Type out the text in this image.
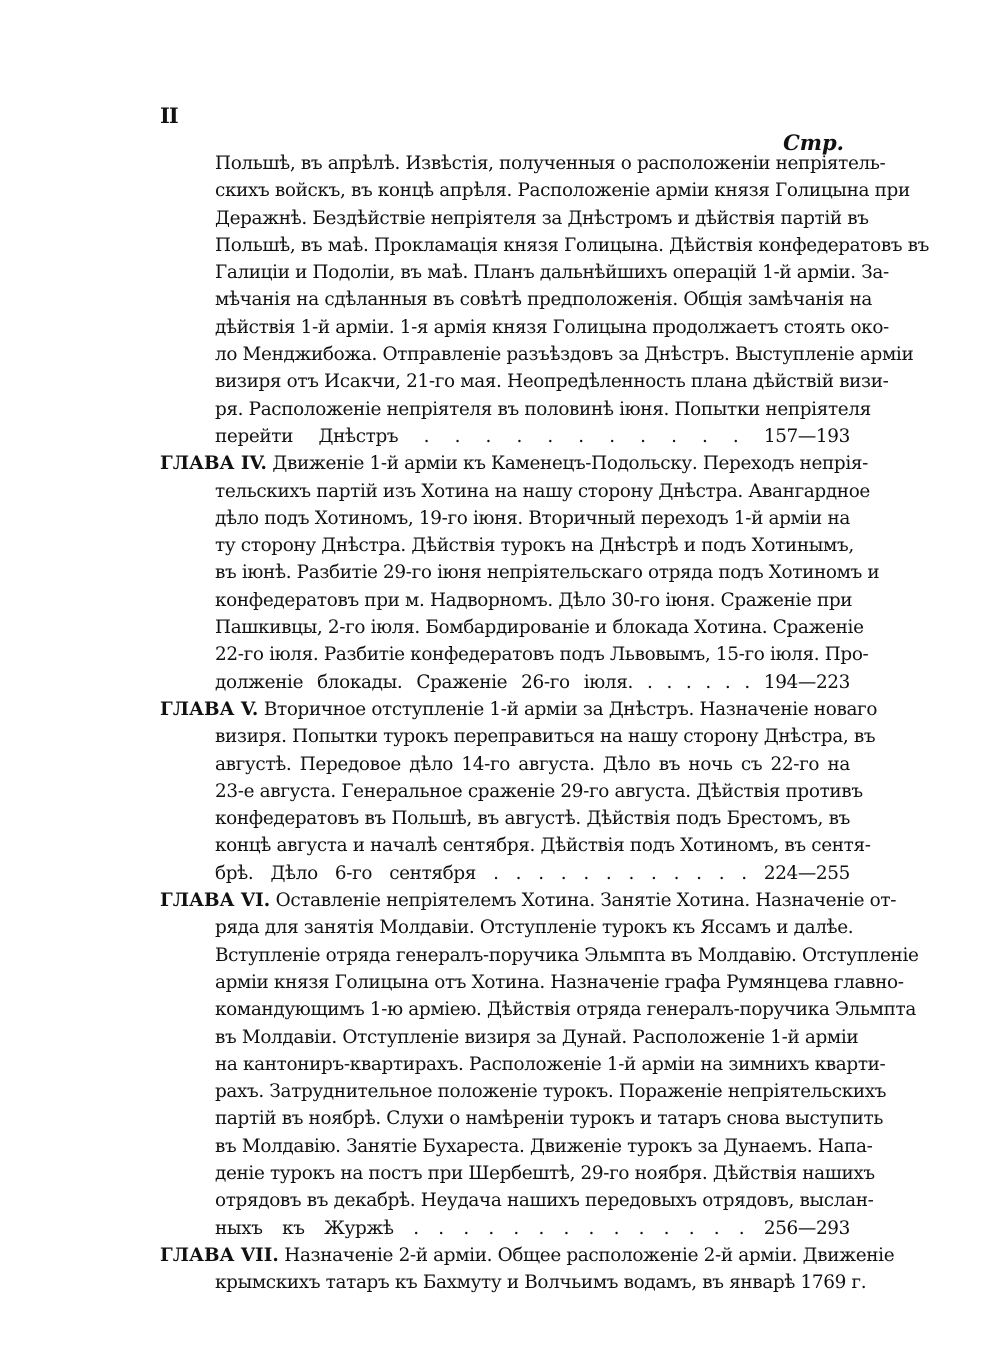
II
Стр.

Польшѣ, въ апрѣлѣ. Извѣстія, полученныя о расположеніи непріятель-

скихъ войскъ, въ концѣ апрѣля. Расположеніе арміи князя Голицына при

Деражнѣ. Бездѣйствіе непріятеля за Днѣстромъ и дѣйствія партій въ

Польшѣ, въ маѣ. Прокламація князя Голицына. Дѣйствія конфедератовъ въ

Галиціи и Подоліи, въ маѣ. Планъ дальнѣйшихъ операцій 1-й арміи. За-

мѣчанія на сдѣланныя въ совѣтѣ предположенія. Общія замѣчанія на

дѣйствія 1-й арміи. 1-я армія князя Голицына продолжаетъ стоять око-

ло Менджибожа. Отправленіе разъѣздовъ за Днѣстръ. Выступленіе арміи

визиря отъ Исакчи, 21-го мая. Неопредѣленность плана дѣйствій визи-

ря. Расположеніе непріятеля въ половинѣ іюня. Попытки непріятеля

перейти Днѣстръ . . . . . . . . . . . 157—193

ГЛАВА IV. Движеніе 1-й арміи къ Каменецъ-Подольску. Переходъ непрія-

тельскихъ партій изъ Хотина на нашу сторону Днѣстра. Авангардное

дѣло подъ Хотиномъ, 19-го іюня. Вторичный переходъ 1-й арміи на

ту сторону Днѣстра. Дѣйствія турокъ на Днѣстрѣ и подъ Хотинымъ,

въ іюнѣ. Разбитіе 29-го іюня непріятельскаго отряда подъ Хотиномъ и

конфедератовъ при м. Надворномъ. Дѣло 30-го іюня. Сраженіе при

Пашкивцы, 2-го іюля. Бомбардированіе и блокада Хотина. Сраженіе

22-го іюля. Разбитіе конфедератовъ подъ Львовымъ, 15-го іюля. Про-

долженіе блокады. Сраженіе 26-го іюля. . . . . . . 194—223

ГЛАВА V. Вторичное отступленіе 1-й арміи за Днѣстръ. Назначеніе новаго

визиря. Попытки турокъ переправиться на нашу сторону Днѣстра, въ

августѣ. Передовое дѣло 14-го августа. Дѣло въ ночь съ 22-го на

23-е августа. Генеральное сраженіе 29-го августа. Дѣйствія противъ

конфедератовъ въ Польшѣ, въ августѣ. Дѣйствія подъ Брестомъ, въ

концѣ августа и началѣ сентября. Дѣйствія подъ Хотиномъ, въ сентя-

брѣ. Дѣло 6-го сентября . . . . . . . . . . . . 224—255

ГЛАВА VI. Оставленіе непріятелемъ Хотина. Занятіе Хотина. Назначеніе от-

ряда для занятія Молдавіи. Отступленіе турокъ къ Яссамъ и далѣе.

Вступленіе отряда генералъ-поручика Эльмпта въ Молдавію. Отступленіе

арміи князя Голицына отъ Хотина. Назначеніе графа Румянцева главно-

командующимъ 1-ю арміею. Дѣйствія отряда генералъ-поручика Эльмпта

въ Молдавіи. Отступленіе визиря за Дунай. Расположеніе 1-й арміи

на кантониръ-квартирахъ. Расположеніе 1-й арміи на зимнихъ кварти-

рахъ. Затруднительное положеніе турокъ. Пораженіе непріятельскихъ

партій въ ноябрѣ. Слухи о намѣреніи турокъ и татаръ снова выступить

въ Молдавію. Занятіе Бухареста. Движеніе турокъ за Дунаемъ. Напа-

деніе турокъ на постъ при Шербештѣ, 29-го ноября. Дѣйствія нашихъ

отрядовъ въ декабрѣ. Неудача нашихъ передовыхъ отрядовъ, выслан-

ныхъ къ Журжѣ . . . . . . . . . . . . . . 256—293

ГЛАВА VII. Назначеніе 2-й арміи. Общее расположеніе 2-й арміи. Движеніе

крымскихъ татаръ къ Бахмуту и Волчьимъ водамъ, въ январѣ 1769 г.
